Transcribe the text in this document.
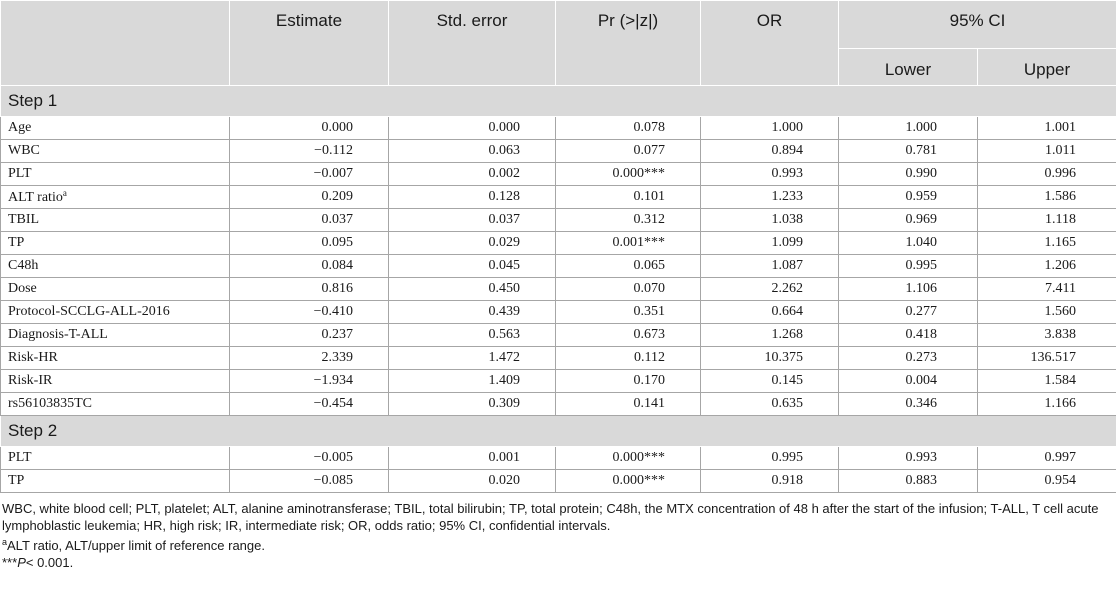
	Estimate	Std. error	Pr (>|z|)	OR	95% CI	
					Lower	Upper
Step 1						
Age	0.000	0.000	0.078	1.000	1.000	1.001
WBC	−0.112	0.063	0.077	0.894	0.781	1.011
PLT	−0.007	0.002	0.000***	0.993	0.990	0.996
ALT ratio$^a$	0.209	0.128	0.101	1.233	0.959	1.586
TBIL	0.037	0.037	0.312	1.038	0.969	1.118
TP	0.095	0.029	0.001***	1.099	1.040	1.165
C48h	0.084	0.045	0.065	1.087	0.995	1.206
Dose	0.816	0.450	0.070	2.262	1.106	7.411
Protocol-SCCLG-ALL-2016	−0.410	0.439	0.351	0.664	0.277	1.560
Diagnosis-T-ALL	0.237	0.563	0.673	1.268	0.418	3.838
Risk-HR	2.339	1.472	0.112	10.375	0.273	136.517
Risk-IR	−1.934	1.409	0.170	0.145	0.004	1.584
rs56103835TC	−0.454	0.309	0.141	0.635	0.346	1.166
Step 2						
PLT	−0.005	0.001	0.000***	0.995	0.993	0.997
TP	−0.085	0.020	0.000***	0.918	0.883	0.954

WBC, white blood cell; PLT, platelet; ALT, alanine aminotransferase; TBIL, total bilirubin; TP, total protein; C48h, the MTX concentration of 48 h after the start of the infusion; T-ALL, T cell acute lymphoblastic leukemia; HR, high risk; IR, intermediate risk; OR, odds ratio; 95% CI, confidential intervals.

$^a$ALT ratio, ALT/upper limit of reference range.

***P< 0.001.
